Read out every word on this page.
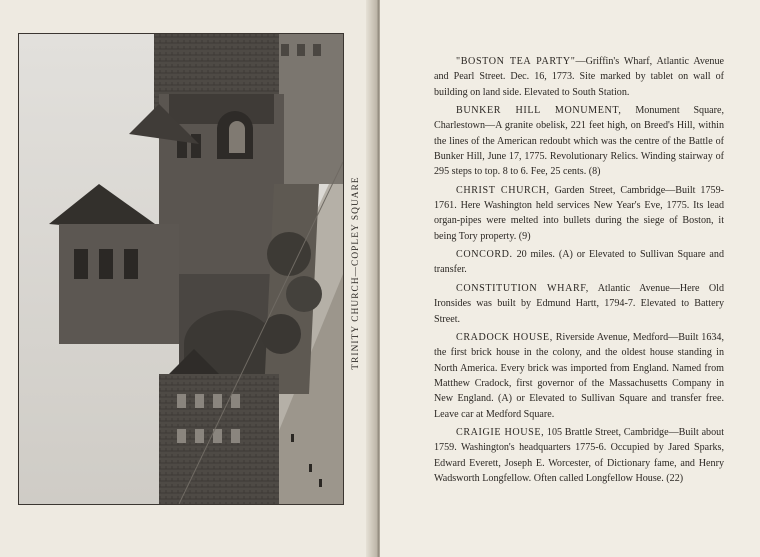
TRINITY CHURCH—COPLEY SQUARE

"BOSTON TEA PARTY"—Griffin's Wharf, Atlantic Avenue and Pearl Street. Dec. 16, 1773. Site marked by tablet on wall of building on land side. Elevated to South Station.

BUNKER HILL MONUMENT, Monument Square, Charlestown—A granite obelisk, 221 feet high, on Breed's Hill, within the lines of the American redoubt which was the centre of the Battle of Bunker Hill, June 17, 1775. Revolutionary Relics. Winding stairway of 295 steps to top. 8 to 6. Fee, 25 cents. (8)

CHRIST CHURCH, Garden Street, Cambridge—Built 1759-1761. Here Washington held services New Year's Eve, 1775. Its lead organ-pipes were melted into bullets during the siege of Boston, it being Tory property. (9)

CONCORD. 20 miles. (A) or Elevated to Sullivan Square and transfer.

CONSTITUTION WHARF, Atlantic Avenue—Here Old Ironsides was built by Edmund Hartt, 1794-7. Elevated to Battery Street.

CRADOCK HOUSE, Riverside Avenue, Medford—Built 1634, the first brick house in the colony, and the oldest house standing in North America. Every brick was imported from England. Named from Matthew Cradock, first governor of the Massachusetts Company in New England. (A) or Elevated to Sullivan Square and transfer free. Leave car at Medford Square.

CRAIGIE HOUSE, 105 Brattle Street, Cambridge—Built about 1759. Washington's headquarters 1775-6. Occupied by Jared Sparks, Edward Everett, Joseph E. Worcester, of Dictionary fame, and Henry Wadsworth Longfellow. Often called Longfellow House. (22)
